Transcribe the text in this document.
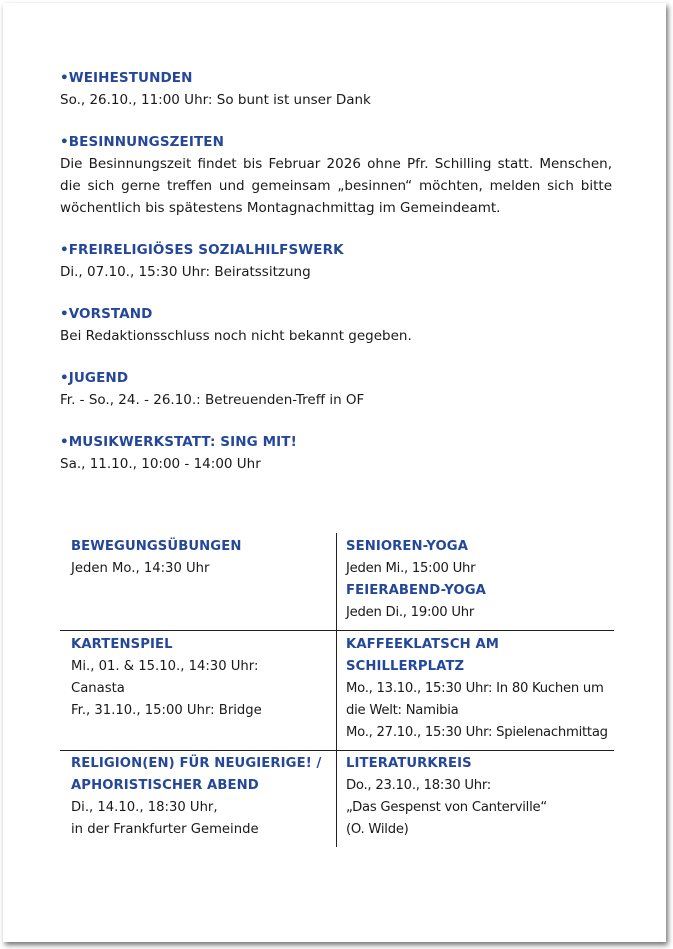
•WEIHESTUNDEN
So., 26.10., 11:00 Uhr: So bunt ist unser Dank
•BESINNUNGSZEITEN
Die Besinnungszeit findet bis Februar 2026 ohne Pfr. Schilling statt. Menschen, die sich gerne treffen und gemeinsam „besinnen“ möchten, melden sich bitte wöchentlich bis spätestens Montagnachmittag im Gemeindeamt.
•FREIRELIGIÖSES SOZIALHILFSWERK
Di., 07.10., 15:30 Uhr: Beiratssitzung
•VORSTAND
Bei Redaktionsschluss noch nicht bekannt gegeben.
•JUGEND
Fr. - So., 24. - 26.10.: Betreuenden-Treff in OF
•MUSIKWERKSTATT: SING MIT!
Sa., 11.10., 10:00 - 14:00 Uhr
BEWEGUNGSÜBUNGEN
Jeden Mo., 14:30 Uhr
SENIOREN-YOGA
Jeden Mi., 15:00 Uhr
FEIERABEND-YOGA
Jeden Di., 19:00 Uhr
KARTENSPIEL
Mi., 01. & 15.10., 14:30 Uhr:
Canasta
Fr., 31.10., 15:00 Uhr: Bridge
KAFFEEKLATSCH AM SCHILLERPLATZ
Mo., 13.10., 15:30 Uhr: In 80 Kuchen um
die Welt: Namibia
Mo., 27.10., 15:30 Uhr: Spielenachmittag
RELIGION(EN) FÜR NEUGIERIGE! /
APHORISTISCHER ABEND
Di., 14.10., 18:30 Uhr,
in der Frankfurter Gemeinde
LITERATURKREIS
Do., 23.10., 18:30 Uhr:
„Das Gespenst von Canterville“
(O. Wilde)
